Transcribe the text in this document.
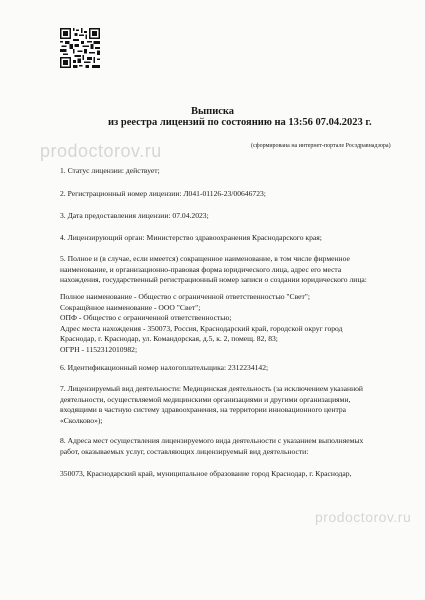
prodoctorov.ru
Выписка
из реестра лицензий по состоянию на 13:56 07.04.2023 г.
(сформирована на интернет-портале Росздравнадзора)
1. Статус лицензии: действует;
2. Регистрационный номер лицензии: Л041-01126-23/00646723;
3. Дата предоставления лицензии: 07.04.2023;
4. Лицензирующий орган: Министерство здравоохранения Краснодарского края;
5. Полное и (в случае, если имеется) сокращенное наименование, в том числе фирменное
наименование, и организационно-правовая форма юридического лица, адрес его места
нахождения, государственный регистрационный номер записи о создании юридического лица:
Полное наименование - Общество с ограниченной ответственностью "Свет";
Сокращённое наименование - ООО "Свет";
ОПФ - Общество с ограниченной ответственностью;
Адрес места нахождения - 350073, Россия, Краснодарский край, городской округ город
Краснодар, г. Краснодар, ул. Командорская, д.5, к. 2, помещ. 82, 83;
ОГРН - 1152312010982;
6. Идентификационный номер налогоплательщика: 2312234142;
7. Лицензируемый вид деятельности: Медицинская деятельность (за исключением указанной
деятельности, осуществляемой медицинскими организациями и другими организациями,
входящими в частную систему здравоохранения, на территории инновационного центра
«Сколково»);
8. Адреса мест осуществления лицензируемого вида деятельности с указанием выполняемых
работ, оказываемых услуг, составляющих лицензируемый вид деятельности:
prodoctorov.ru
350073, Краснодарский край, муниципальное образование город Краснодар, г. Краснодар,
